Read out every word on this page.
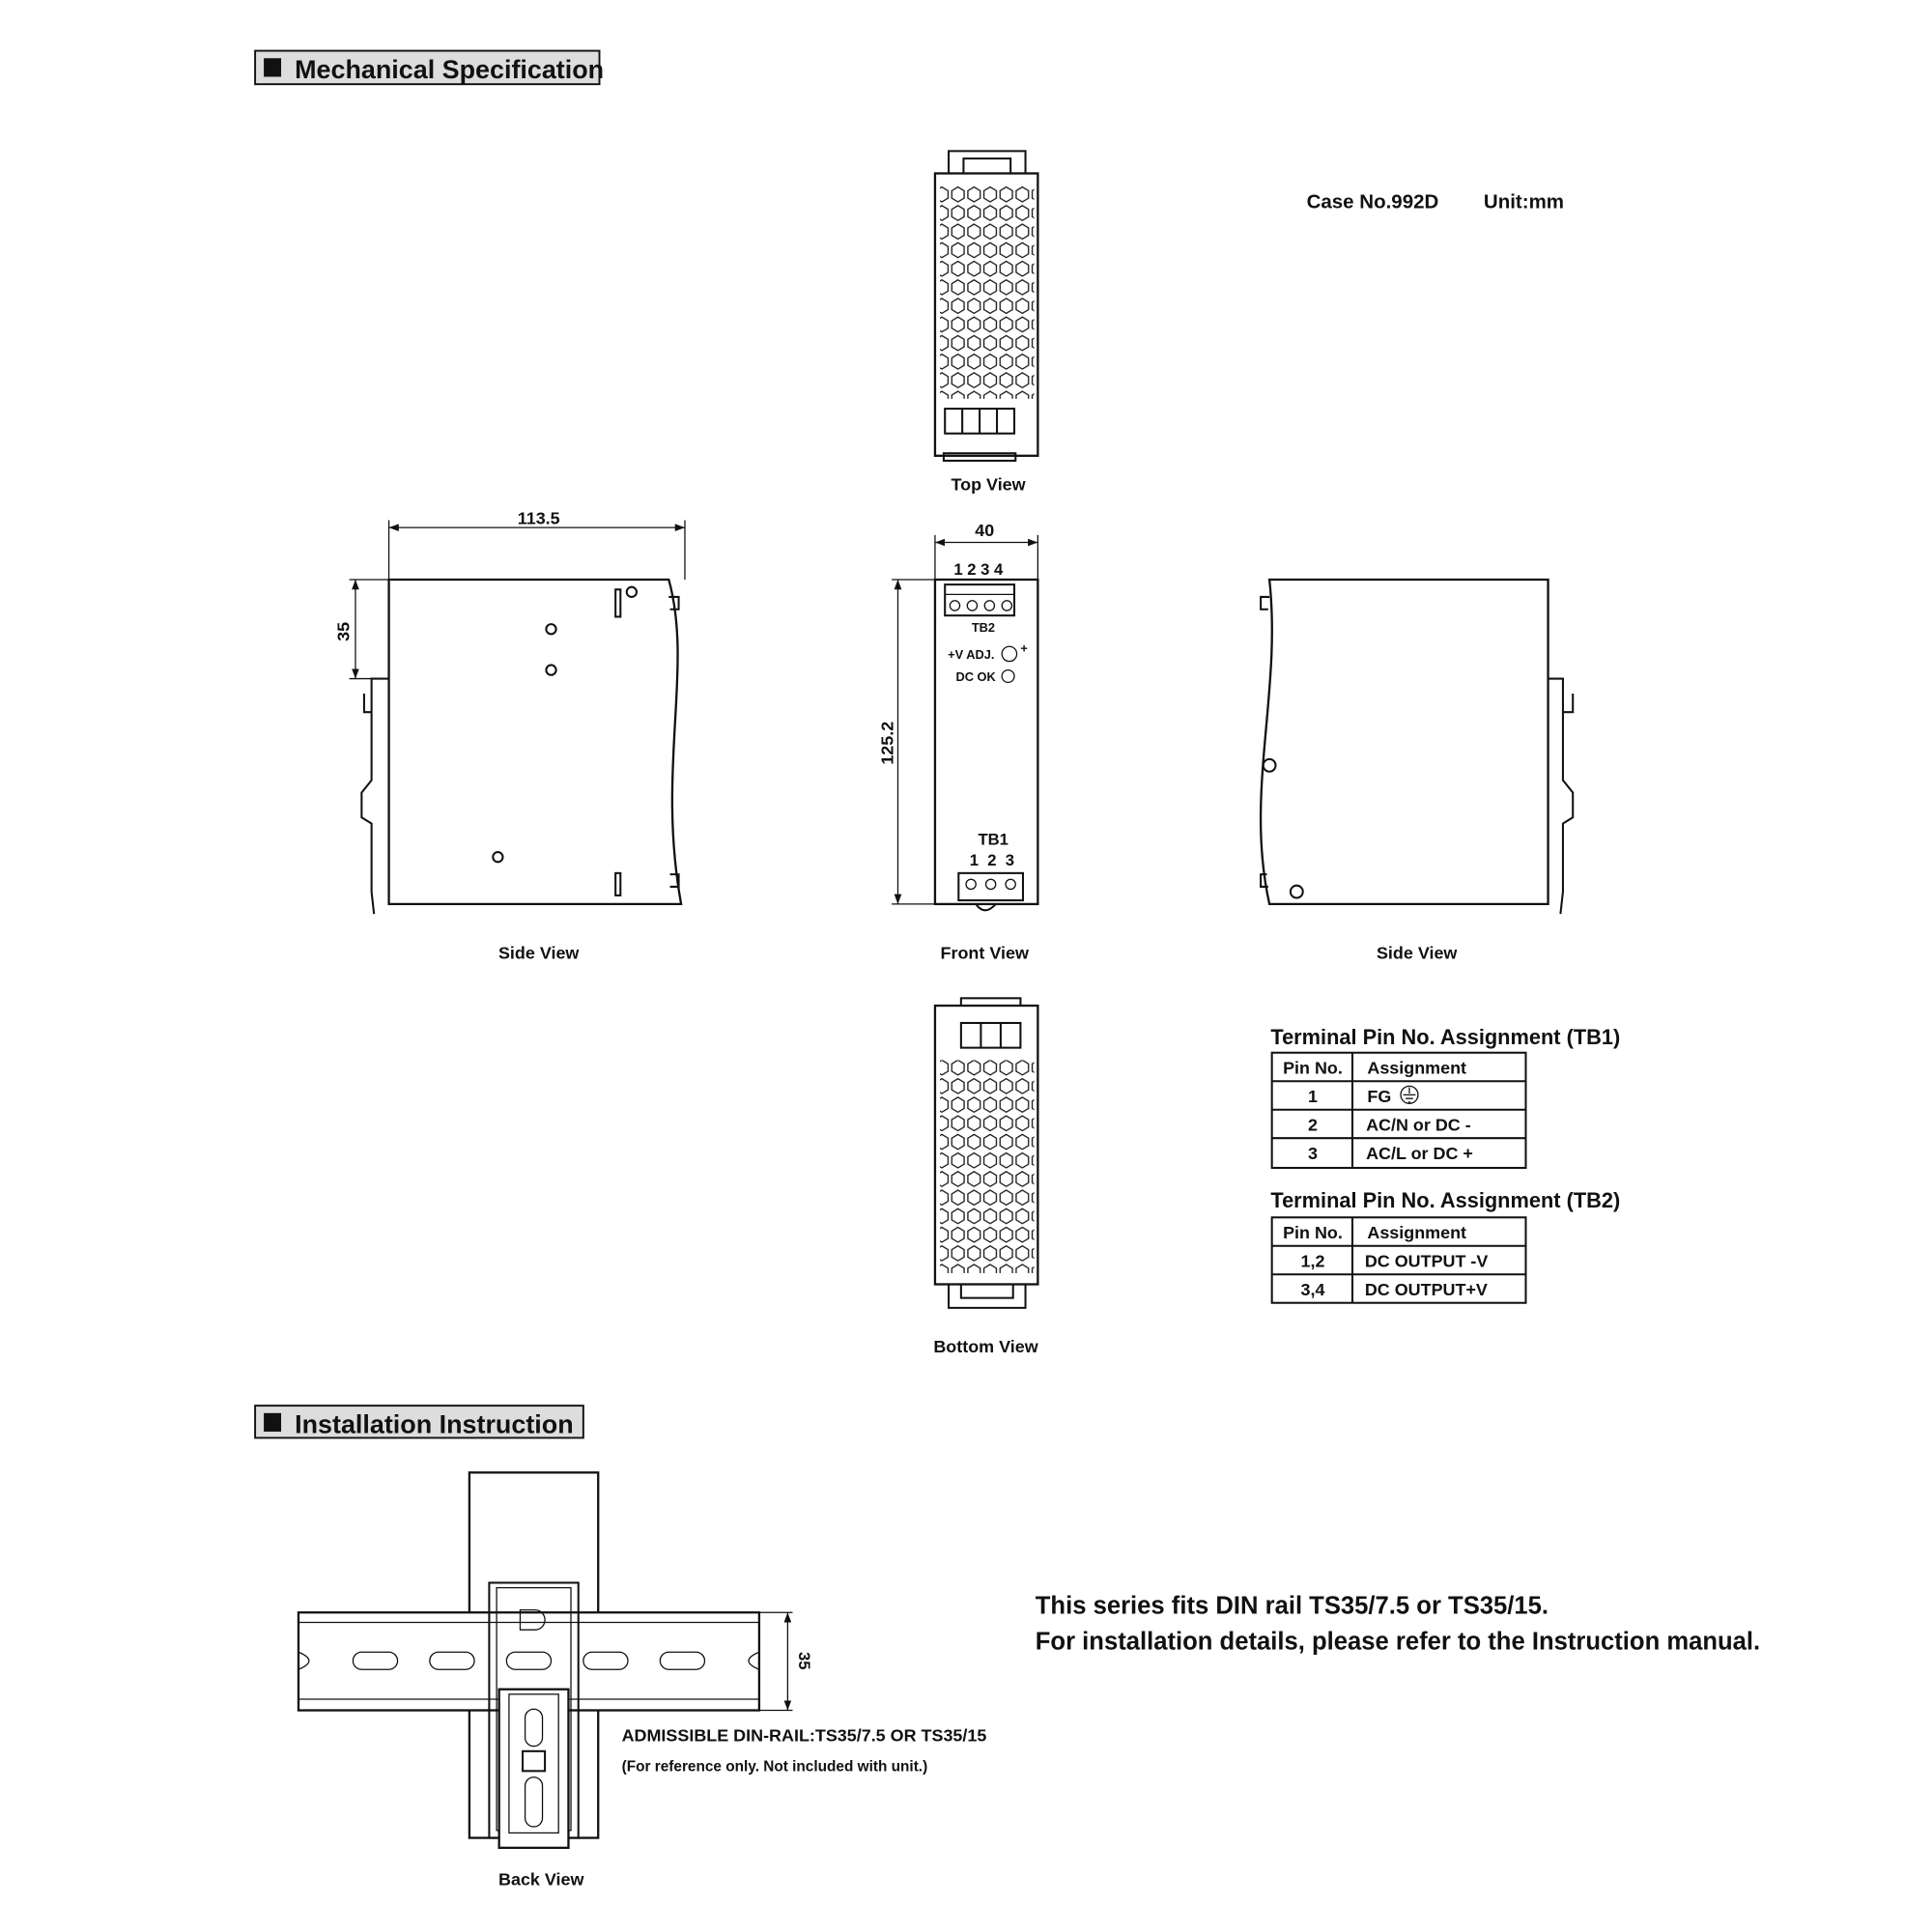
Mechanical Specification
Case No.992D	Unit:mm
Top View
113.5
35
Side View
40
125.2
1 2 3 4
TB2
+V ADJ.	+
DC OK
TB1
1  2  3
Front View	Side View
Bottom View
Terminal Pin No. Assignment (TB1)
Pin No. Assignment
1	FG
2	AC/N or DC -
3	AC/L or DC +
Terminal Pin No. Assignment (TB2)
Pin No. Assignment
1,2	DC OUTPUT -V
3,4	DC OUTPUT+V
Installation Instruction
35
ADMISSIBLE DIN-RAIL:TS35/7.5 OR TS35/15
(For reference only. Not included with unit.)
Back View
This series fits DIN rail TS35/7.5 or TS35/15.
For installation details, please refer to the Instruction manual.
